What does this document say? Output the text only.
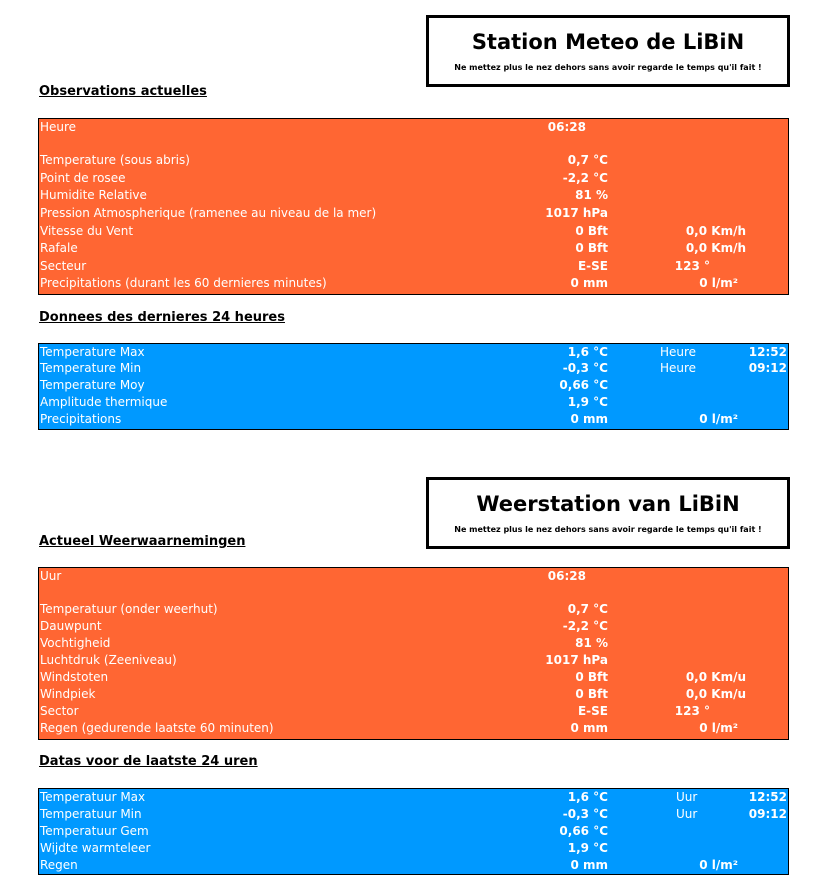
Station Meteo de LiBiN
Ne mettez plus le nez dehors sans avoir regarde le temps qu'il fait !
Observations actuelles
Heure	06:28
Temperature (sous abris)	0,7 °C
Point de rosee	-2,2 °C
Humidite Relative	81 %
Pression Atmospherique (ramenee au niveau de la mer)	1017 hPa
Vitesse du Vent	0 Bft	0,0 Km/h
Rafale	0 Bft	0,0 Km/h
Secteur	E-SE	123 °
Precipitations (durant les 60 dernieres minutes)	0 mm	0 l/m²
Donnees des dernieres 24 heures
Temperature Max	1,6 °C	Heure	12:52
Temperature Min	-0,3 °C	Heure	09:12
Temperature Moy	0,66 °C
Amplitude thermique	1,9 °C
Precipitations	0 mm	0 l/m²
Weerstation van LiBiN
Ne mettez plus le nez dehors sans avoir regarde le temps qu'il fait !
Actueel Weerwaarnemingen
Uur	06:28
Temperatuur (onder weerhut)	0,7 °C
Dauwpunt	-2,2 °C
Vochtigheid	81 %
Luchtdruk (Zeeniveau)	1017 hPa
Windstoten	0 Bft	0,0 Km/u
Windpiek	0 Bft	0,0 Km/u
Sector	E-SE	123 °
Regen (gedurende laatste 60 minuten)	0 mm	0 l/m²
Datas voor de laatste 24 uren
Temperatuur Max	1,6 °C	Uur	12:52
Temperatuur Min	-0,3 °C	Uur	09:12
Temperatuur Gem	0,66 °C
Wijdte warmteleer	1,9 °C
Regen	0 mm	0 l/m²
